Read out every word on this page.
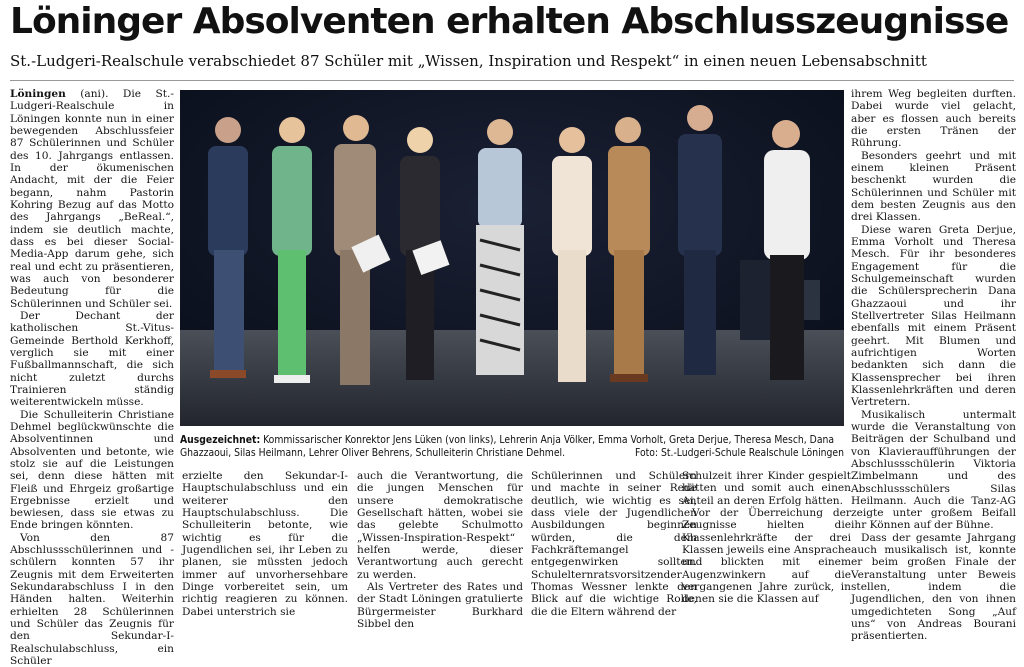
Löninger Absolventen erhalten Abschlusszeugnisse
St.-Ludgeri-Realschule verabschiedet 87 Schüler mit „Wissen, Inspiration und Respekt“ in einen neuen Lebensabschnitt

Löningen (ani). Die St.-Ludgeri-Realschule in Löningen konnte nun in einer bewegenden Abschlussfeier 87 Schülerinnen und Schüler des 10. Jahrgangs entlassen. In der ökumenischen Andacht, mit der die Feier begann, nahm Pastorin Kohring Bezug auf das Motto des Jahrgangs „BeReal.“, indem sie deutlich machte, dass es bei dieser Social-Media-App darum gehe, sich real und echt zu präsentieren, was auch von besonderer Bedeutung für die Schülerinnen und Schüler sei.

Der Dechant der katholischen St.-Vitus-Gemeinde Berthold Kerkhoff, verglich sie mit einer Fußballmannschaft, die sich nicht zuletzt durchs Trainieren ständig weiterentwickeln müsse.

Die Schulleiterin Christiane Dehmel beglückwünschte die Absolventinnen und Absolventen und betonte, wie stolz sie auf die Leistungen sei, denn diese hätten mit Fleiß und Ehrgeiz großartige Ergebnisse erzielt und bewiesen, dass sie etwas zu Ende bringen könnten.

Von den 87 Abschlussschülerinnen und -schülern konnten 57 ihr Zeugnis mit dem Erweiterten Sekundarabschluss I in den Händen halten. Weiterhin erhielten 28 Schülerinnen und Schüler das Zeugnis für den Sekundar-I-Realschulabschluss, ein Schüler

Ausgezeichnet: Kommissarischer Konrektor Jens Lüken (von links), Lehrerin Anja Völker, Emma Vorholt, Greta Derjue, Theresa Mesch, Dana Ghazzaoui, Silas Heilmann, Lehrer Oliver Behrens, Schulleiterin Christiane Dehmel.	Foto: St.-Ludgeri-Schule Realschule Löningen

erzielte den Sekundar-I-Hauptschulabschluss und ein weiterer den Hauptschulabschluss. Die Schulleiterin betonte, wie wichtig es für die Jugendlichen sei, ihr Leben zu planen, sie müssten jedoch immer auf unvorhersehbare Dinge vorbereitet sein, um richtig reagieren zu können. Dabei unterstrich sie

auch die Verantwortung, die die jungen Menschen für unsere demokratische Gesellschaft hätten, wobei sie das gelebte Schulmotto „Wissen-Inspiration-Respekt“ helfen werde, dieser Verantwortung auch gerecht zu werden.

Als Vertreter des Rates und der Stadt Löningen gratulierte Bürgermeister Burkhard Sibbel den

Schülerinnen und Schülern und machte in seiner Rede deutlich, wie wichtig es sei, dass viele der Jugendlichen Ausbildungen beginnen würden, die dem Fachkräftemangel entgegenwirken sollten. Schulelternratsvorsitzender Thomas Wessner lenkte den Blick auf die wichtige Rolle, die die Eltern während der

Schulzeit ihrer Kinder gespielt hätten und somit auch einen Anteil an deren Erfolg hätten.

Vor der Überreichung der Zeugnisse hielten die Klassenlehrkräfte der drei Klassen jeweils eine Ansprache und blickten mit einem Augenzwinkern auf die vergangenen Jahre zurück, in denen sie die Klassen auf

ihrem Weg begleiten durften. Dabei wurde viel gelacht, aber es flossen auch bereits die ersten Tränen der Rührung.

Besonders geehrt und mit einem kleinen Präsent beschenkt wurden die Schülerinnen und Schüler mit dem besten Zeugnis aus den drei Klassen.

Diese waren Greta Derjue, Emma Vorholt und Theresa Mesch. Für ihr besonderes Engagement für die Schulgemeinschaft wurden die Schülersprecherin Dana Ghazzaoui und ihr Stellvertreter Silas Heilmann ebenfalls mit einem Präsent geehrt. Mit Blumen und aufrichtigen Worten bedankten sich dann die Klassensprecher bei ihren Klassenlehrkräften und deren Vertretern.

Musikalisch untermalt wurde die Veranstaltung von Beiträgen der Schulband und von Klavieraufführungen der Abschlussschülerin Viktoria Zimbelmann und des Abschlussschülers Silas Heilmann. Auch die Tanz-AG zeigte unter großem Beifall ihr Können auf der Bühne.

Dass der gesamte Jahrgang auch musikalisch ist, konnte er beim großen Finale der Veranstaltung unter Beweis stellen, indem die Jugendlichen, den von ihnen umgedichteten Song „Auf uns“ von Andreas Bourani präsentierten.
